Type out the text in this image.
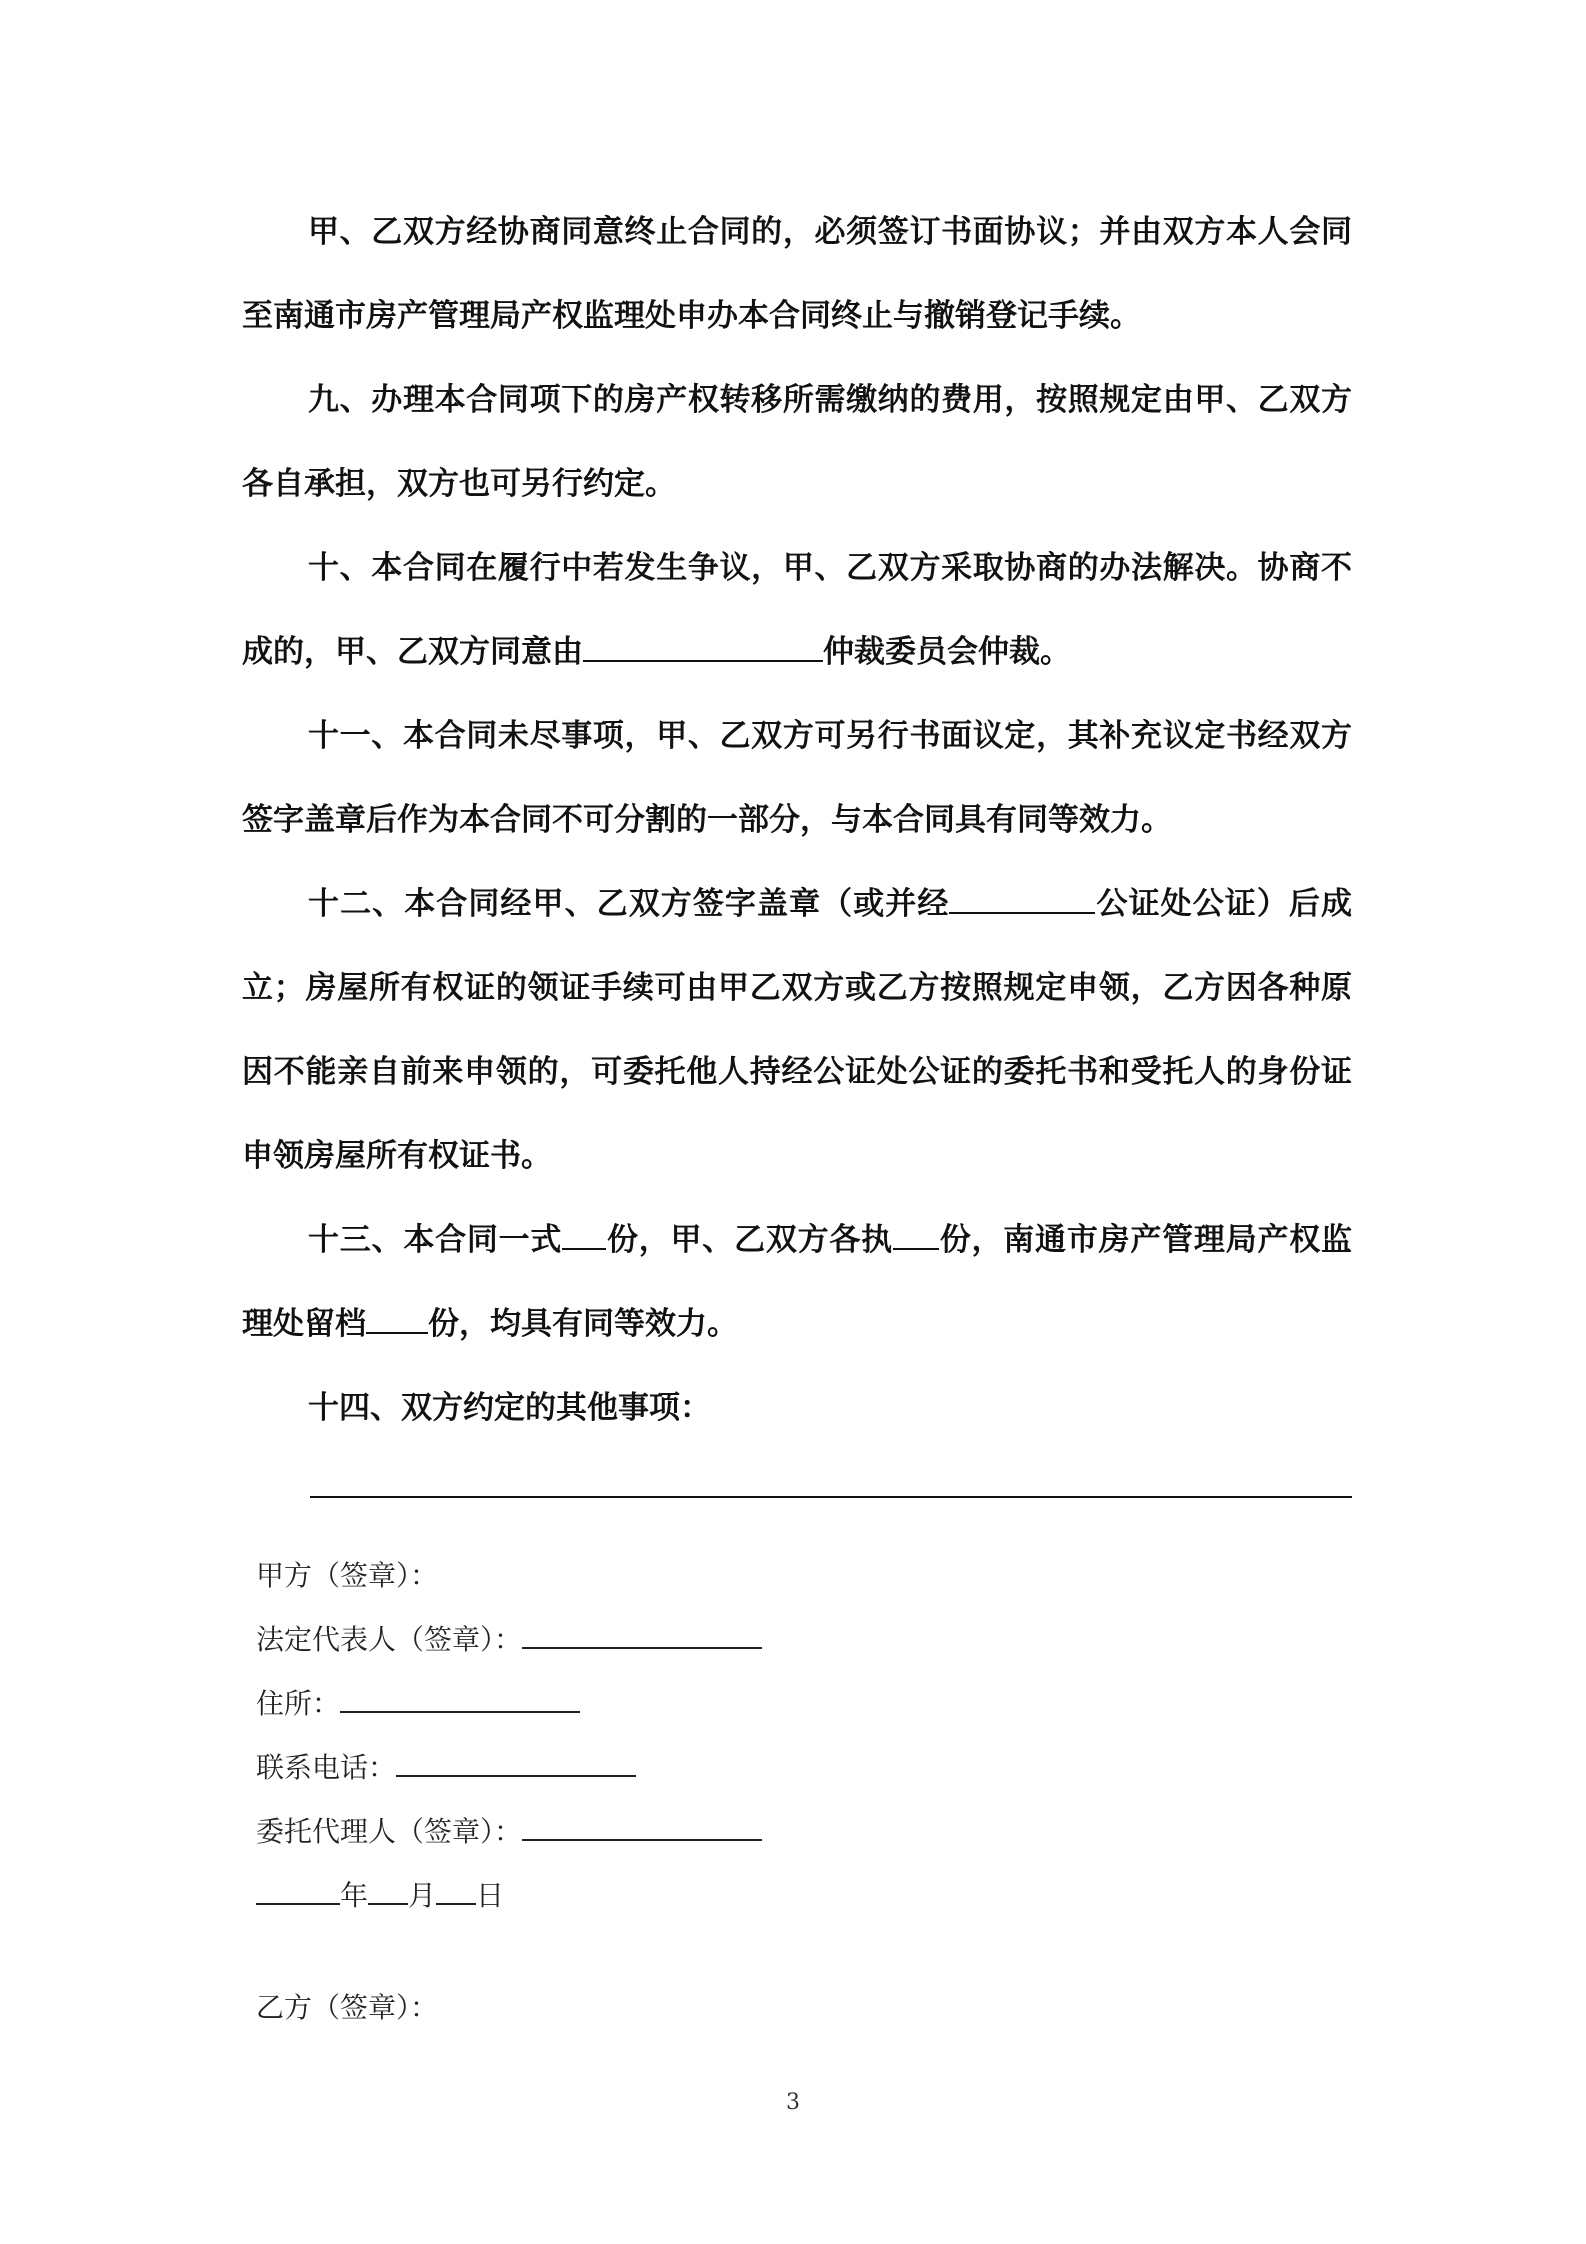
甲、乙双方经协商同意终止合同的，必须签订书面协议；并由双方本人会同至南通市房产管理局产权监理处申办本合同终止与撤销登记手续。

九、办理本合同项下的房产权转移所需缴纳的费用，按照规定由甲、乙双方各自承担，双方也可另行约定。

十、本合同在履行中若发生争议，甲、乙双方采取协商的办法解决。协商不成的，甲、乙双方同意由	仲裁委员会仲裁。

十一、本合同未尽事项，甲、乙双方可另行书面议定，其补充议定书经双方签字盖章后作为本合同不可分割的一部分，与本合同具有同等效力。

十二、本合同经甲、乙双方签字盖章（或并经	公证处公证）后成立；房屋所有权证的领证手续可由甲乙双方或乙方按照规定申领，乙方因各种原因不能亲自前来申领的，可委托他人持经公证处公证的委托书和受托人的身份证申领房屋所有权证书。

十三、本合同一式 份，甲、乙双方各执 份，南通市房产管理局产权监理处留档 份，均具有同等效力。

十四、双方约定的其他事项：

甲方（签章）：
法定代表人（签章）：
住所：
联系电话：
委托代理人（签章）：
年 月 日
乙方（签章）：
3
